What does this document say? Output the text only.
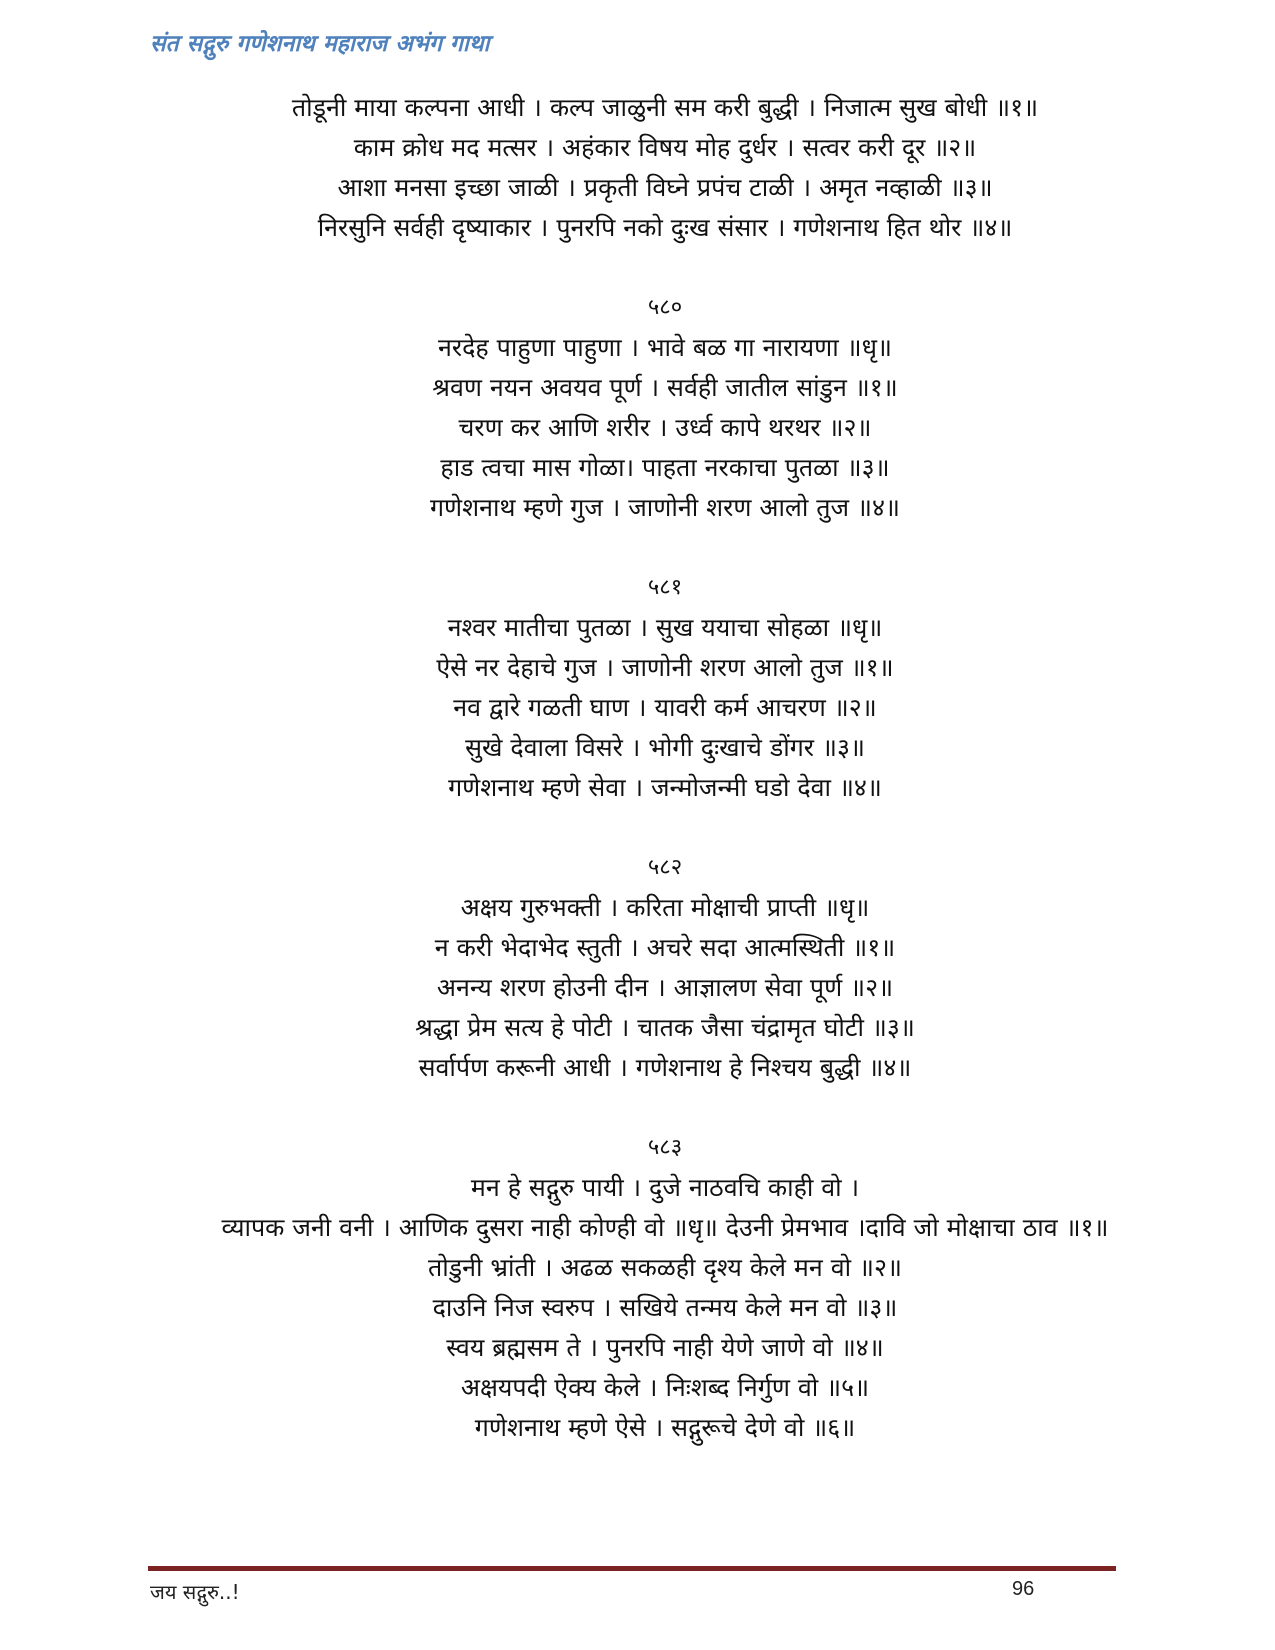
संत सद्गुरु गणेशनाथ महाराज अभंग गाथा

तोडूनी माया कल्पना आधी । कल्प जाळुनी सम करी बुद्धी । निजात्म सुख बोधी ॥१॥

काम क्रोध मद मत्सर । अहंकार विषय मोह दुर्धर । सत्वर करी दूर ॥२॥

आशा मनसा इच्छा जाळी । प्रकृती विघ्ने प्रपंच टाळी । अमृत नव्हाळी ॥३॥

निरसुनि सर्वही दृष्याकार । पुनरपि नको दुःख संसार । गणेशनाथ हित थोर ॥४॥

५८०

नरदेह पाहुणा पाहुणा । भावे बळ गा नारायणा ॥धृ॥

श्रवण नयन अवयव पूर्ण । सर्वही जातील सांडुन ॥१॥

चरण कर आणि शरीर । उर्ध्व कापे थरथर ॥२॥

हाड त्वचा मास गोळा। पाहता नरकाचा पुतळा ॥३॥

गणेशनाथ म्हणे गुज । जाणोनी शरण आलो तुज ॥४॥

५८१

नश्वर मातीचा पुतळा । सुख ययाचा सोहळा ॥धृ॥

ऐसे नर देहाचे गुज । जाणोनी शरण आलो तुज ॥१॥

नव द्वारे गळती घाण । यावरी कर्म आचरण ॥२॥

सुखे देवाला विसरे । भोगी दुःखाचे डोंगर ॥३॥

गणेशनाथ म्हणे सेवा । जन्मोजन्मी घडो देवा ॥४॥

५८२

अक्षय गुरुभक्ती । करिता मोक्षाची प्राप्ती ॥धृ॥

न करी भेदाभेद स्तुती । अचरे सदा आत्मस्थिती ॥१॥

अनन्य शरण होउनी दीन । आज्ञालण सेवा पूर्ण ॥२॥

श्रद्धा प्रेम सत्य हे पोटी । चातक जैसा चंद्रामृत घोटी ॥३॥

सर्वार्पण करूनी आधी । गणेशनाथ हे निश्चय बुद्धी ॥४॥

५८३

मन हे सद्गुरु पायी । दुजे नाठवचि काही वो ।

व्यापक जनी वनी । आणिक दुसरा नाही कोण्ही वो ॥धृ॥ देउनी प्रेमभाव ।दावि जो मोक्षाचा ठाव ॥१॥

तोडुनी भ्रांती । अढळ सकळही दृश्य केले मन वो ॥२॥

दाउनि निज स्वरुप । सखिये तन्मय केले मन वो ॥३॥

स्वय ब्रह्मसम ते । पुनरपि नाही येणे जाणे वो ॥४॥

अक्षयपदी ऐक्य केले । निःशब्द निर्गुण वो ॥५॥

गणेशनाथ म्हणे ऐसे । सद्गुरूचे देणे वो ॥६॥

जय सद्गुरु..!	96
